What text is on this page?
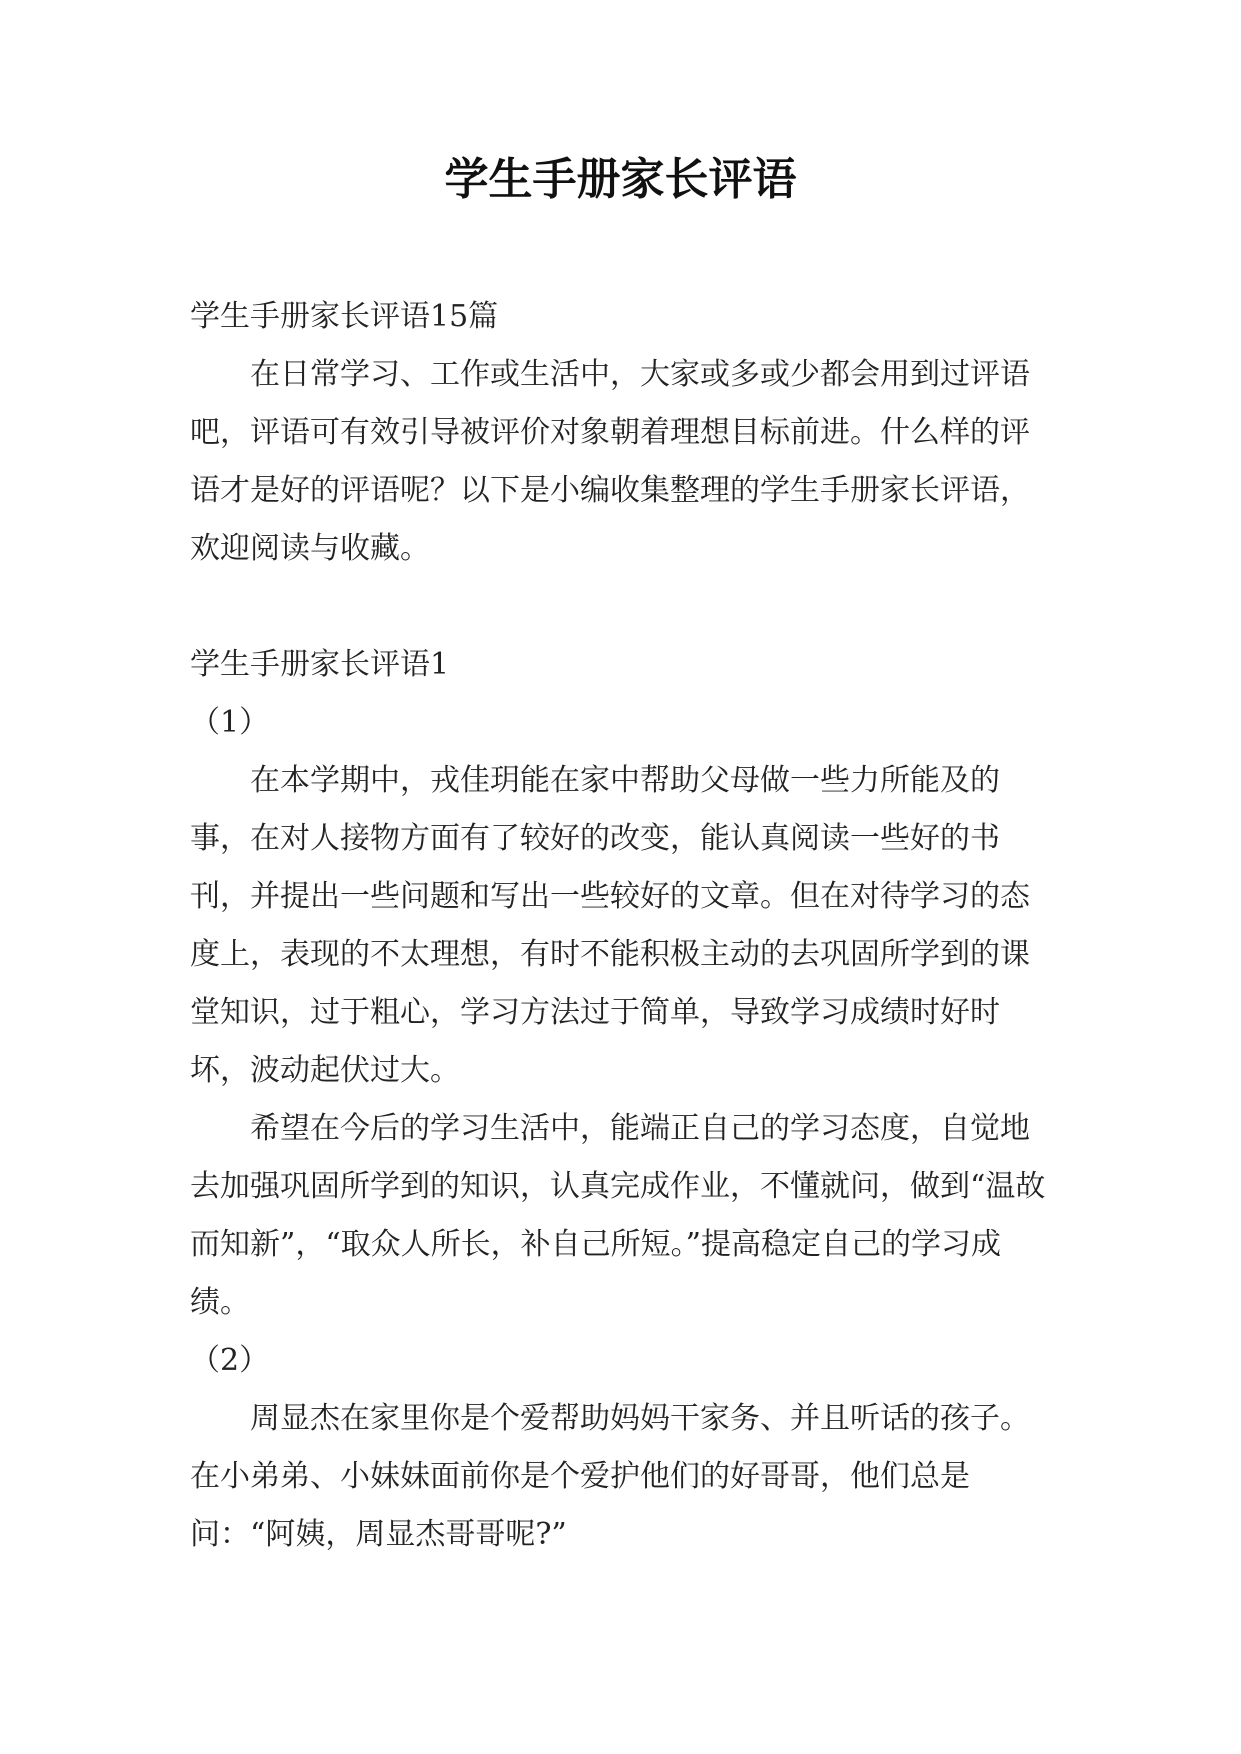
学生手册家长评语

学生手册家长评语15篇

在日常学习、工作或生活中，大家或多或少都会用到过评语吧，评语可有效引导被评价对象朝着理想目标前进。什么样的评语才是好的评语呢？以下是小编收集整理的学生手册家长评语，欢迎阅读与收藏。

学生手册家长评语1

（1）

在本学期中，戎佳玥能在家中帮助父母做一些力所能及的事，在对人接物方面有了较好的改变，能认真阅读一些好的书刊，并提出一些问题和写出一些较好的文章。但在对待学习的态度上，表现的不太理想，有时不能积极主动的去巩固所学到的课堂知识，过于粗心，学习方法过于简单，导致学习成绩时好时坏，波动起伏过大。

希望在今后的学习生活中，能端正自己的学习态度，自觉地去加强巩固所学到的知识，认真完成作业，不懂就问，做到“温故而知新”，“取众人所长，补自己所短。”提高稳定自己的学习成绩。

（2）

周显杰在家里你是个爱帮助妈妈干家务、并且听话的孩子。在小弟弟、小妹妹面前你是个爱护他们的好哥哥，他们总是问：“阿姨，周显杰哥哥呢?”
